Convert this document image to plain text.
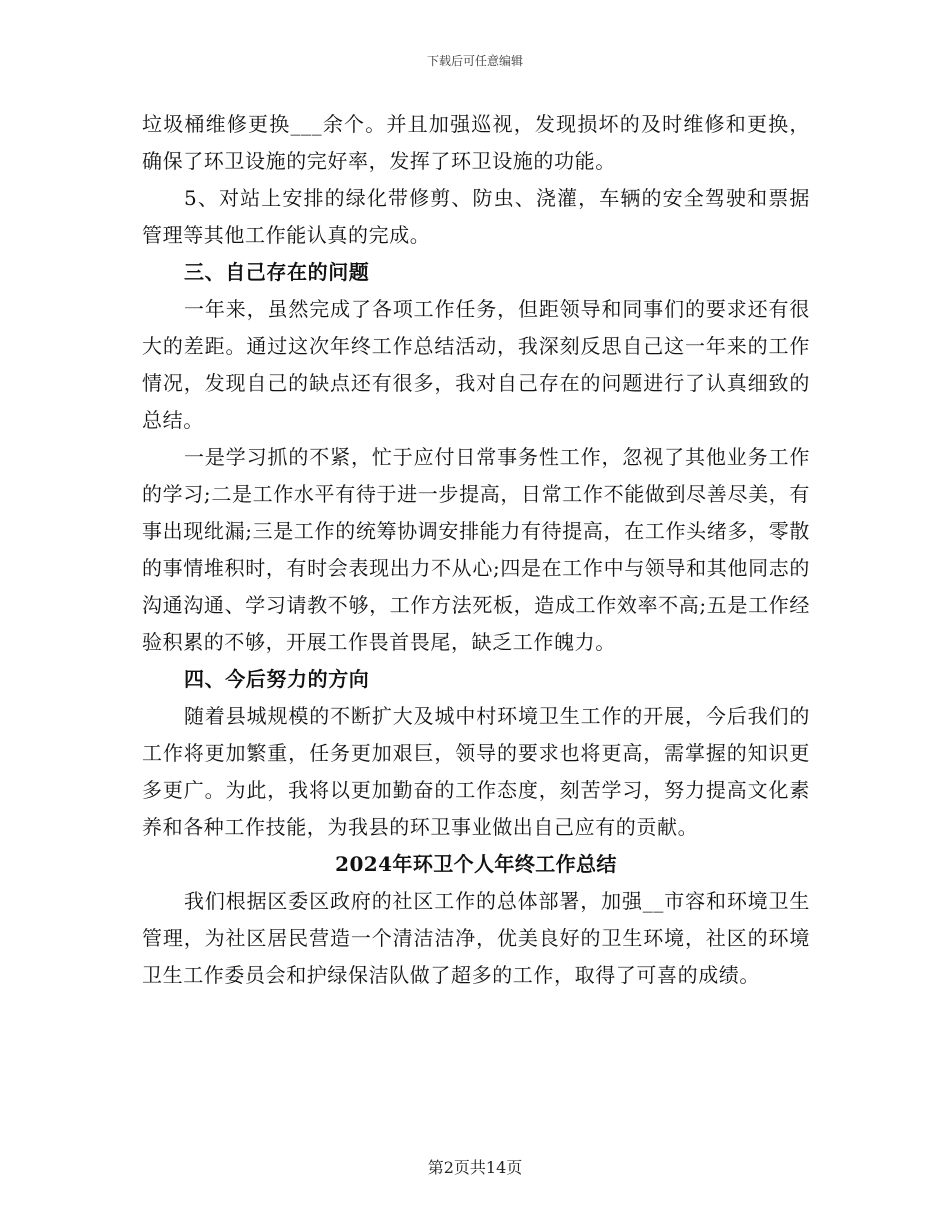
下载后可任意编辑

垃圾桶维修更换___余个。并且加强巡视，发现损坏的及时维修和更换，确保了环卫设施的完好率，发挥了环卫设施的功能。

5、对站上安排的绿化带修剪、防虫、浇灌，车辆的安全驾驶和票据管理等其他工作能认真的完成。

三、自己存在的问题

一年来，虽然完成了各项工作任务，但距领导和同事们的要求还有很大的差距。通过这次年终工作总结活动，我深刻反思自己这一年来的工作情况，发现自己的缺点还有很多，我对自己存在的问题进行了认真细致的总结。

一是学习抓的不紧，忙于应付日常事务性工作，忽视了其他业务工作的学习;二是工作水平有待于进一步提高，日常工作不能做到尽善尽美，有事出现纰漏;三是工作的统筹协调安排能力有待提高，在工作头绪多，零散的事情堆积时，有时会表现出力不从心;四是在工作中与领导和其他同志的沟通沟通、学习请教不够，工作方法死板，造成工作效率不高;五是工作经验积累的不够，开展工作畏首畏尾，缺乏工作魄力。

四、今后努力的方向

随着县城规模的不断扩大及城中村环境卫生工作的开展，今后我们的工作将更加繁重，任务更加艰巨，领导的要求也将更高，需掌握的知识更多更广。为此，我将以更加勤奋的工作态度，刻苦学习，努力提高文化素养和各种工作技能，为我县的环卫事业做出自己应有的贡献。

2024年环卫个人年终工作总结

我们根据区委区政府的社区工作的总体部署，加强__市容和环境卫生管理，为社区居民营造一个清洁洁净，优美良好的卫生环境，社区的环境卫生工作委员会和护绿保洁队做了超多的工作，取得了可喜的成绩。

第2页共14页
